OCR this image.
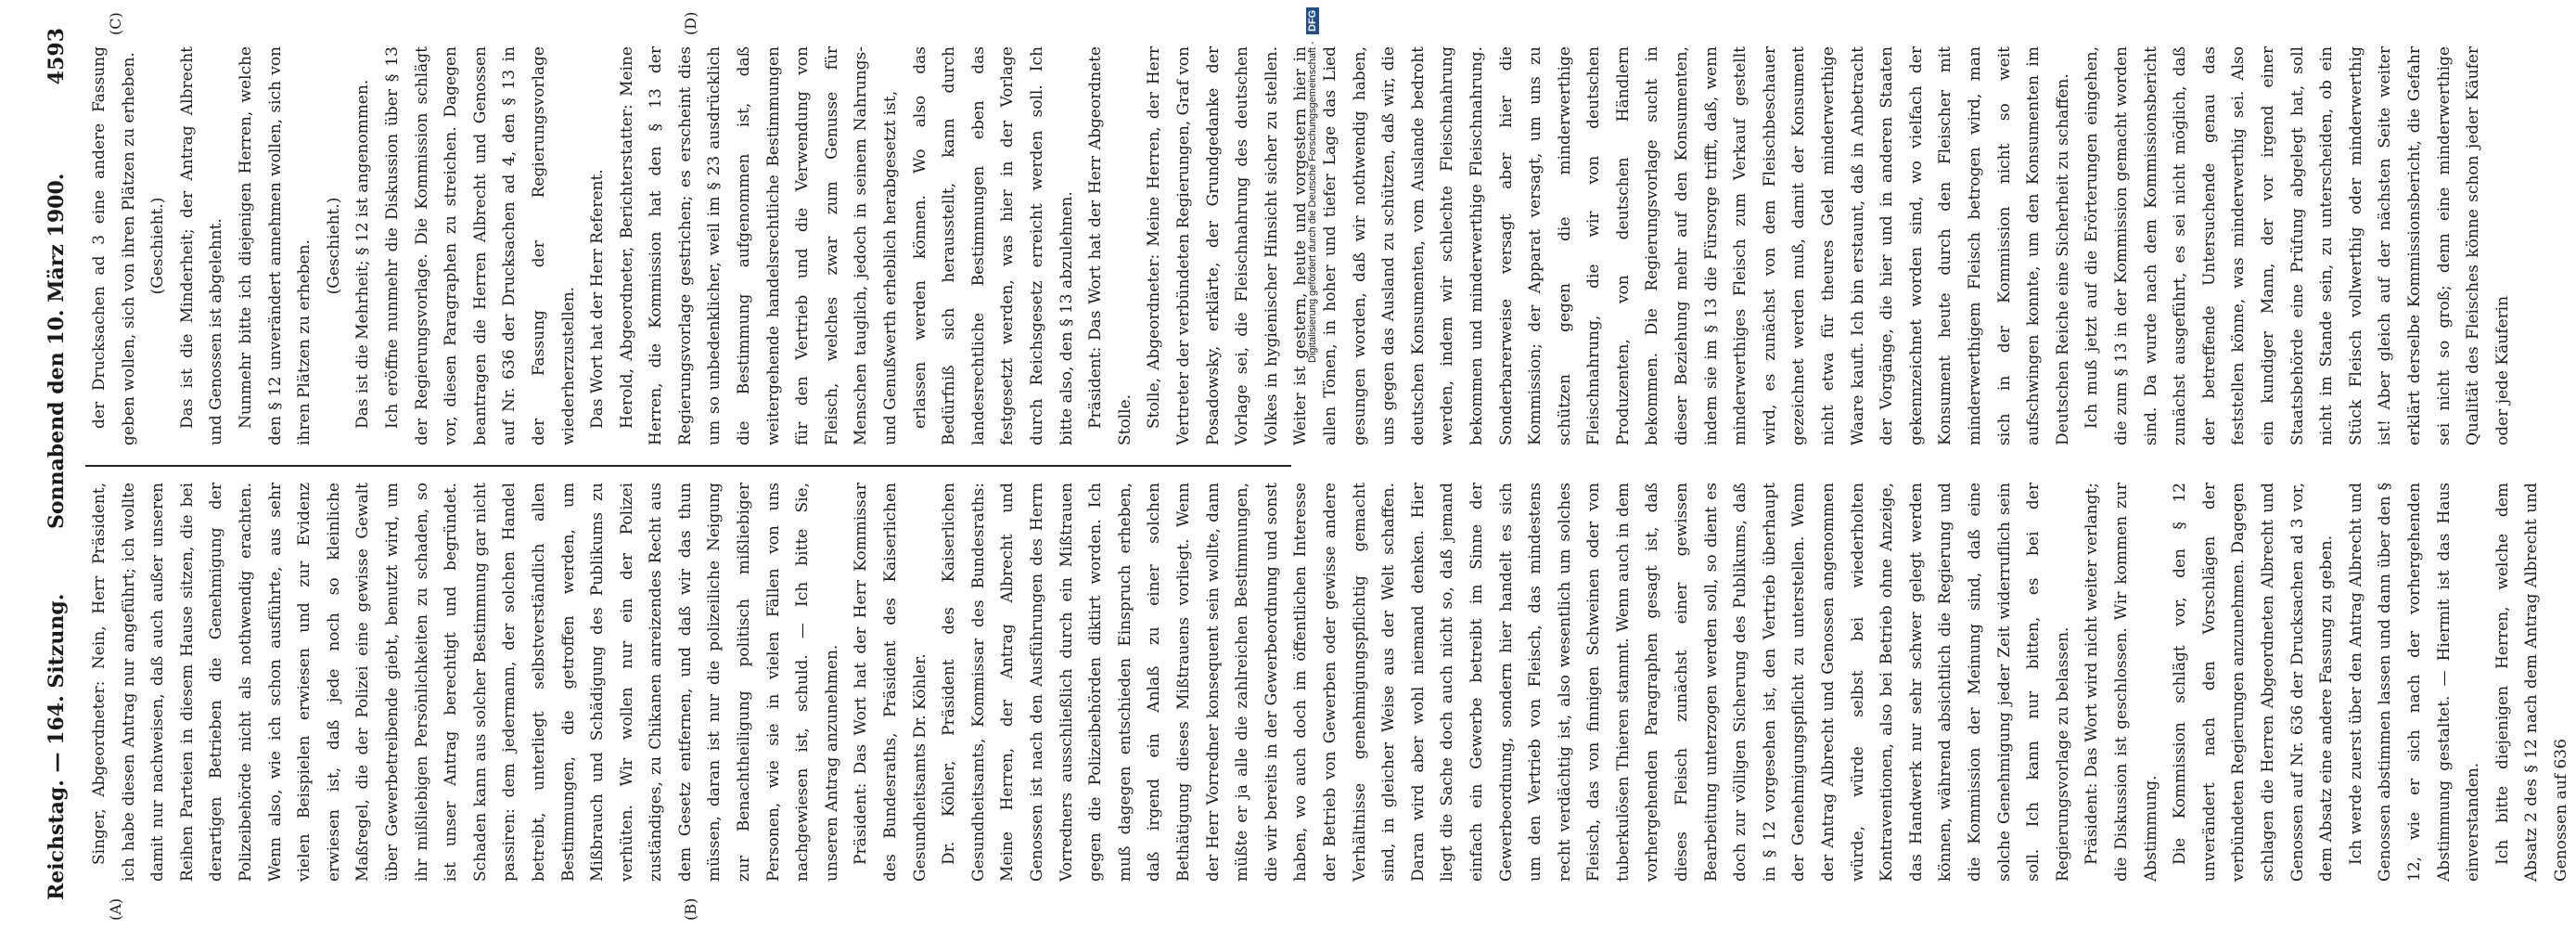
Reichstag. — 164. Sitzung.
Sonnabend den 10. März 1900.
4593
(A)	(B)
(C)	(D)

Singer, Abgeordneter: Nein, Herr Präsident, ich habe diesen Antrag nur angeführt; ich wollte damit nur nachweisen, daß auch außer unseren Reihen Parteien in diesem Hause sitzen, die bei derartigen Betrieben die Genehmigung der Polizeibehörde nicht als nothwendig erachten. Wenn also, wie ich schon ausführte, aus sehr vielen Beispielen erwiesen und zur Evidenz erwiesen ist, daß jede noch so kleinliche Maßregel, die der Polizei eine gewisse Gewalt über Gewerbetreibende giebt, benutzt wird, um ihr mißliebigen Persönlichkeiten zu schaden, so ist unser Antrag berechtigt und begründet. Schaden kann aus solcher Bestimmung gar nicht passiren: dem jedermann, der solchen Handel betreibt, unterliegt selbstverständlich allen Bestimmungen, die getroffen werden, um Mißbrauch und Schädigung des Publikums zu verhüten. Wir wollen nur ein der Polizei zuständiges, zu Chikanen anreizendes Recht aus dem Gesetz entfernen, und daß wir das thun müssen, daran ist nur die polizeiliche Neigung zur Benachtheiligung politisch mißliebiger Personen, wie sie in vielen Fällen von uns nachgewiesen ist, schuld. — Ich bitte Sie, unseren Antrag anzunehmen. Präsident: Das Wort hat der Herr Kommissar des Bundesraths, Präsident des Kaiserlichen Gesundheitsamts Dr. Köhler. Dr. Köhler, Präsident des Kaiserlichen Gesundheitsamts, Kommissar des Bundesraths: Meine Herren, der Antrag Albrecht und Genossen ist nach den Ausführungen des Herrn Vorredners ausschließlich durch ein Mißtrauen gegen die Polizeibehörden diktirt worden. Ich muß dagegen entschieden Einspruch erheben, daß irgend ein Anlaß zu einer solchen Bethätigung dieses Mißtrauens vorliegt. Wenn der Herr Vorredner konsequent sein wollte, dann müßte er ja alle die zahlreichen Bestimmungen, die wir bereits in der Gewerbeordnung und sonst haben, wo auch doch im öffentlichen Interesse der Betrieb von Gewerben oder gewisse andere Verhältnisse genehmigungspflichtig gemacht sind, in gleicher Weise aus der Welt schaffen. Daran wird aber wohl niemand denken. Hier liegt die Sache doch auch nicht so, daß jemand einfach ein Gewerbe betreibt im Sinne der Gewerbeordnung, sondern hier handelt es sich um den Vertrieb von Fleisch, das mindestens recht verdächtig ist, also wesentlich um solches Fleisch, das von finnigen Schweinen oder von tuberkulösen Thieren stammt. Wenn auch in dem vorhergehenden Paragraphen gesagt ist, daß dieses Fleisch zunächst einer gewissen Bearbeitung unterzogen werden soll, so dient es doch zur völligen Sicherung des Publikums, daß in § 12 vorgesehen ist, den Vertrieb überhaupt der Genehmigungspflicht zu unterstellen. Wenn der Antrag Albrecht und Genossen angenommen würde, würde selbst bei wiederholten Kontraventionen, also bei Betrieb ohne Anzeige, das Handwerk nur sehr schwer gelegt werden können, während absichtlich die Regierung und die Kommission der Meinung sind, daß eine solche Genehmigung jeder Zeit widerruflich sein soll. Ich kann nur bitten, es bei der Regierungsvorlage zu belassen. Präsident: Das Wort wird nicht weiter verlangt; die Diskussion ist geschlossen. Wir kommen zur Abstimmung. Die Kommission schlägt vor, den § 12 unverändert nach den Vorschlägen der verbündeten Regierungen anzunehmen. Dagegen schlagen die Herren Abgeordneten Albrecht und Genossen auf Nr. 636 der Drucksachen ad 3 vor, dem Absatz eine andere Fassung zu geben. Ich werde zuerst über den Antrag Albrecht und Genossen abstimmen lassen und dann über den § 12, wie er sich nach der vorhergehenden Abstimmung gestaltet. — Hiermit ist das Haus einverstanden. Ich bitte diejenigen Herren, welche dem Absatz 2 des § 12 nach dem Antrag Albrecht und Genossen auf 636

der Drucksachen ad 3 eine andere Fassung geben wollen, sich von ihren Plätzen zu erheben. (Geschieht.) Das ist die Minderheit; der Antrag Albrecht und Genossen ist abgelehnt. Nunmehr bitte ich diejenigen Herren, welche den § 12 unverändert annehmen wollen, sich von ihren Plätzen zu erheben. (Geschieht.) Das ist die Mehrheit; § 12 ist angenommen. Ich eröffne nunmehr die Diskussion über § 13 der Regierungsvorlage. Die Kommission schlägt vor, diesen Paragraphen zu streichen. Dagegen beantragen die Herren Albrecht und Genossen auf Nr. 636 der Drucksachen ad 4, den § 13 in der Fassung der Regierungsvorlage wiederherzustellen. Das Wort hat der Herr Referent. Herold, Abgeordneter, Berichterstatter: Meine Herren, die Kommission hat den § 13 der Regierungsvorlage gestrichen; es erscheint dies um so unbedenklicher, weil im § 23 ausdrücklich die Bestimmung aufgenommen ist, daß weitergehende handelsrechtliche Bestimmungen für den Vertrieb und die Verwendung von Fleisch, welches zwar zum Genusse für Menschen tauglich, jedoch in seinem Nahrungs- und Genußwerth erheblich herabgesetzt ist, erlassen werden können. Wo also das Bedürfniß sich herausstellt, kann durch landesrechtliche Bestimmungen eben das festgesetzt werden, was hier in der Vorlage durch Reichsgesetz erreicht werden soll. Ich bitte also, den § 13 abzulehnen. Präsident: Das Wort hat der Herr Abgeordnete Stolle. Stolle, Abgeordneter: Meine Herren, der Herr Vertreter der verbündeten Regierungen, Graf von Posadowsky, erklärte, der Grundgedanke der Vorlage sei, die Fleischnahrung des deutschen Volkes in hygienischer Hinsicht sicher zu stellen. Weiter ist gestern, heute und vorgestern hier in allen Tönen, in hoher und tiefer Lage das Lied gesungen worden, daß wir nothwendig haben, uns gegen das Ausland zu schützen, daß wir, die deutschen Konsumenten, vom Auslande bedroht werden, indem wir schlechte Fleischnahrung bekommen und minderwerthige Fleischnahrung. Sonderbarerweise versagt aber hier die Kommission; der Apparat versagt, um uns zu schützen gegen die minderwerthige Fleischnahrung, die wir von deutschen Produzenten, von deutschen Händlern bekommen. Die Regierungsvorlage sucht in dieser Beziehung mehr auf den Konsumenten, indem sie im § 13 die Fürsorge trifft, daß, wenn minderwerthiges Fleisch zum Verkauf gestellt wird, es zunächst von dem Fleischbeschauer gezeichnet werden muß, damit der Konsument nicht etwa für theures Geld minderwerthige Waare kauft. Ich bin erstaunt, daß in Anbetracht der Vorgänge, die hier und in anderen Staaten gekennzeichnet worden sind, wo vielfach der Konsument heute durch den Fleischer mit minderwerthigem Fleisch betrogen wird, man sich in der Kommission nicht so weit aufschwingen konnte, um den Konsumenten im Deutschen Reiche eine Sicherheit zu schaffen. Ich muß jetzt auf die Erörterungen eingehen, die zum § 13 in der Kommission gemacht worden sind. Da wurde nach dem Kommissionsbericht zunächst ausgeführt, es sei nicht möglich, daß der betreffende Untersuchende genau das feststellen könne, was minderwerthig sei. Also ein kundiger Mann, der vor irgend einer Staatsbehörde eine Prüfung abgelegt hat, soll nicht im Stande sein, zu unterscheiden, ob ein Stück Fleisch vollwerthig oder minderwerthig ist! Aber gleich auf der nächsten Seite weiter erklärt derselbe Kommissionsbericht, die Gefahr sei nicht so groß; denn eine minderwerthige Qualität des Fleisches könne schon jeder Käufer oder jede Käuferin

Digitalisierung gefördert durch die Deutsche Forschungsgemeinschaft - DFG
